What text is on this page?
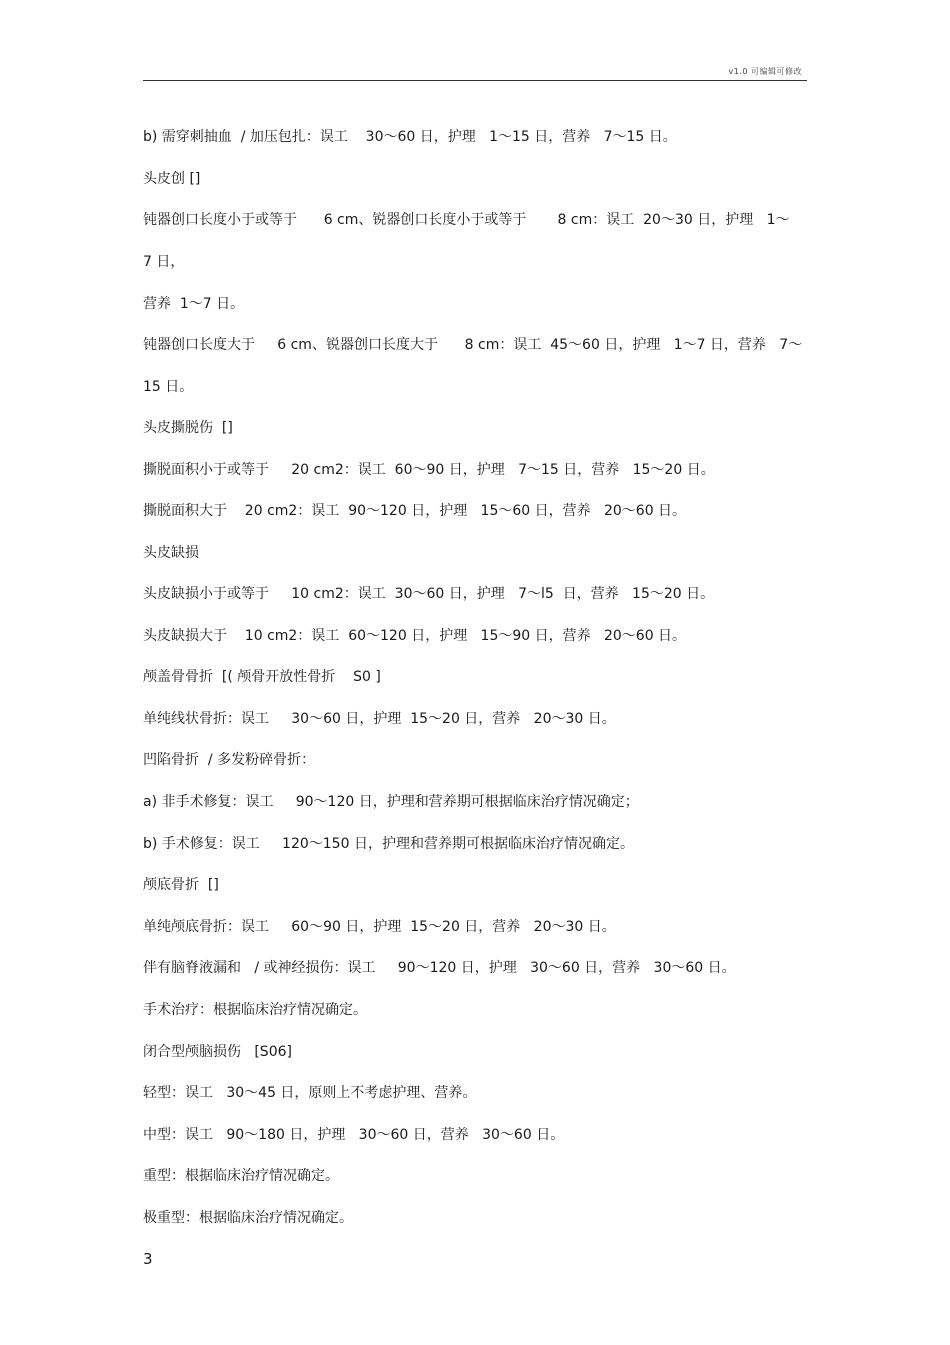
v1.0 可编辑可修改
b) 需穿刺抽血  / 加压包扎：误工    30～60 日，护理   1～15 日，营养   7～15 日。
头皮创 []
钝器创口长度小于或等于      6 cm、锐器创口长度小于或等于       8 cm：误工  20～30 日，护理   1～
7 日，
营养  1～7 日。
钝器创口长度大于     6 cm、锐器创口长度大于      8 cm：误工  45～60 日，护理   1～7 日，营养   7～
15 日。
头皮撕脱伤  []
撕脱面积小于或等于     20 cm2：误工  60～90 日，护理   7～15 日，营养   15～20 日。
撕脱面积大于    20 cm2：误工  90～120 日，护理   15～60 日，营养   20～60 日。
头皮缺损
头皮缺损小于或等于     10 cm2：误工  30～60 日，护理   7～l5  日，营养   15～20 日。
头皮缺损大于    10 cm2：误工  60～120 日，护理   15～90 日，营养   20～60 日。
颅盖骨骨折  [( 颅骨开放性骨折    S0 ]
单纯线状骨折：误工     30～60 日，护理  15～20 日，营养   20～30 日。
凹陷骨折  / 多发粉碎骨折：
a) 非手术修复：误工     90～120 日，护理和营养期可根据临床治疗情况确定；
b) 手术修复：误工     120～150 日，护理和营养期可根据临床治疗情况确定。
颅底骨折  []
单纯颅底骨折：误工     60～90 日，护理  15～20 日，营养   20～30 日。
伴有脑脊液漏和   / 或神经损伤：误工     90～120 日，护理   30～60 日，营养   30～60 日。
手术治疗：根据临床治疗情况确定。
闭合型颅脑损伤   [S06]
轻型：误工   30～45 日，原则上不考虑护理、营养。
中型：误工   90～180 日，护理   30～60 日，营养   30～60 日。
重型：根据临床治疗情况确定。
极重型：根据临床治疗情况确定。
3
